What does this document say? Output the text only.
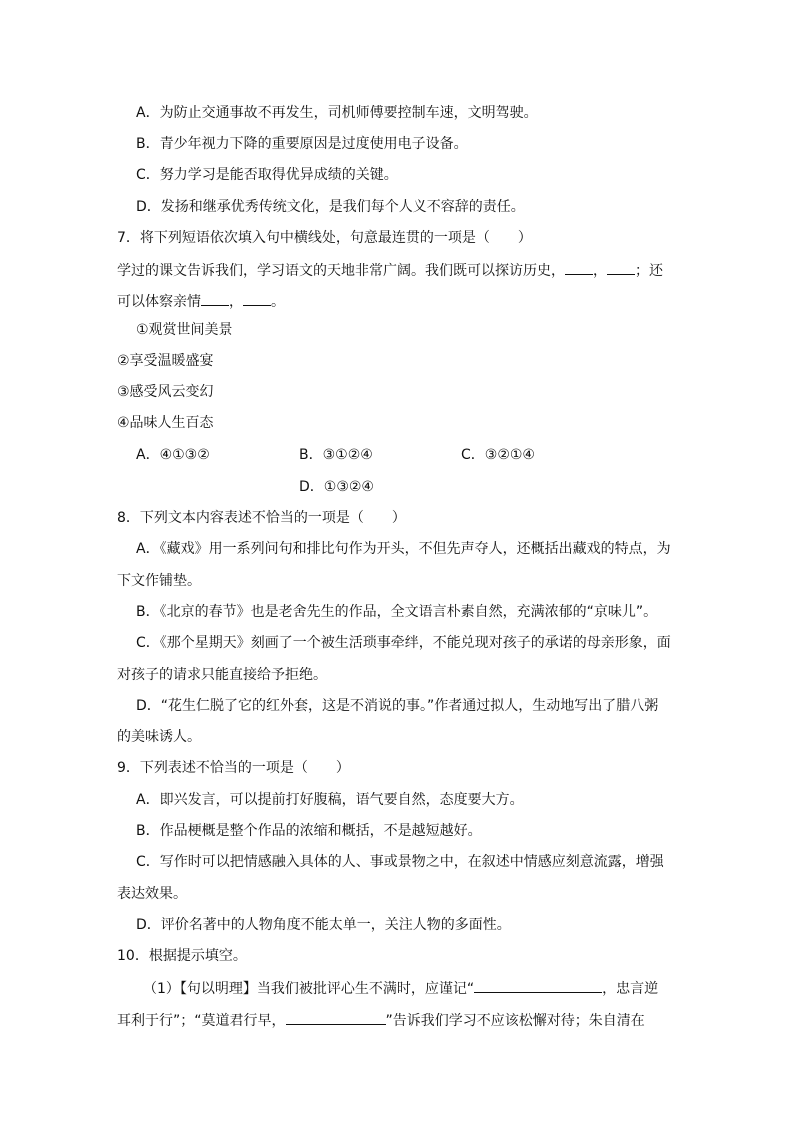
A．为防止交通事故不再发生，司机师傅要控制车速，文明驾驶。
B．青少年视力下降的重要原因是过度使用电子设备。
C．努力学习是能否取得优异成绩的关键。
D．发扬和继承优秀传统文化，是我们每个人义不容辞的责任。
7．将下列短语依次填入句中横线处，句意最连贯的一项是（　　）
学过的课文告诉我们，学习语文的天地非常广阔。我们既可以探访历史， ， ；还
可以体察亲情 ， 。
①观赏世间美景
②享受温暖盛宴
③感受风云变幻
④品味人生百态
A．④①③②	B．③①②④	C．③②①④
D．①③②④
8．下列文本内容表述不恰当的一项是（　　）
A．《藏戏》用一系列问句和排比句作为开头，不但先声夺人，还概括出藏戏的特点，为
下文作铺垫。
B．《北京的春节》也是老舍先生的作品，全文语言朴素自然，充满浓郁的“京味儿”。
C．《那个星期天》刻画了一个被生活琐事牵绊，不能兑现对孩子的承诺的母亲形象，面
对孩子的请求只能直接给予拒绝。
D．“花生仁脱了它的红外套，这是不消说的事。”作者通过拟人，生动地写出了腊八粥
的美味诱人。
9．下列表述不恰当的一项是（　　）
A．即兴发言，可以提前打好腹稿，语气要自然，态度要大方。
B．作品梗概是整个作品的浓缩和概括，不是越短越好。
C．写作时可以把情感融入具体的人、事或景物之中，在叙述中情感应刻意流露，增强
表达效果。
D．评价名著中的人物角度不能太单一，关注人物的多面性。
10．根据提示填空。
（1）【句以明理】当我们被批评心生不满时，应谨记“	，忠言逆
耳利于行”；“莫道君行早，	”告诉我们学习不应该松懈对待；朱自清在
